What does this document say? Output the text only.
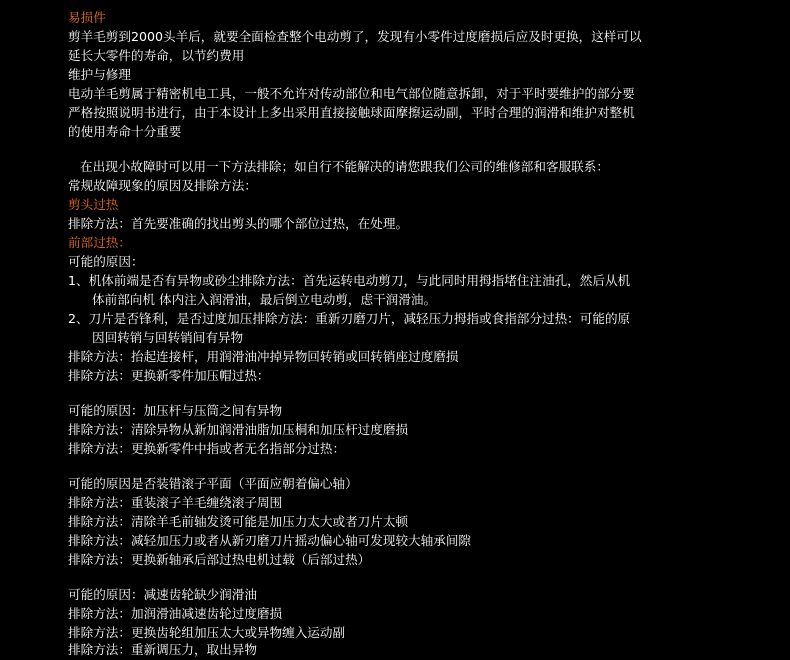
易损件
剪羊毛剪到2000头羊后，就要全面检查整个电动剪了，发现有小零件过度磨损后应及时更换，这样可以
延长大零件的寿命，以节约费用
维护与修理
电动羊毛剪属于精密机电工具，一般不允许对传动部位和电气部位随意拆卸，对于平时要维护的部分要
严格按照说明书进行，由于本设计上多出采用直接接触球面摩擦运动副，平时合理的润滑和维护对整机
的使用寿命十分重要
在出现小故障时可以用一下方法排除；如自行不能解决的请您跟我们公司的维修部和客服联系：
常规故障现象的原因及排除方法：
剪头过热
排除方法：首先要准确的找出剪头的哪个部位过热，在处理。
前部过热：
可能的原因：
1、机体前端是否有异物或砂尘排除方法：首先运转电动剪刀，与此同时用拇指堵住注油孔，然后从机
体前部向机 体内注入润滑油，最后倒立电动剪，虑干润滑油。
2、刀片是否锋利，是否过度加压排除方法：重新刃磨刀片，减轻压力拇指或食指部分过热：可能的原
因回转销与回转销间有异物
排除方法：抬起连接杆，用润滑油冲掉异物回转销或回转销座过度磨损
排除方法：更换新零件加压帽过热：
可能的原因：加压杆与压筒之间有异物
排除方法：清除异物从新加润滑油脂加压桐和加压杆过度磨损
排除方法：更换新零件中指或者无名指部分过热：
可能的原因是否装错滚子平面（平面应朝着偏心轴）
排除方法：重装滚子羊毛缠绕滚子周围
排除方法：清除羊毛前轴发烫可能是加压力太大或者刀片太顿
排除方法：减轻加压力或者从新刃磨刀片摇动偏心轴可发现较大轴承间隙
排除方法：更换新轴承后部过热电机过载（后部过热）
可能的原因：减速齿轮缺少润滑油
排除方法：加润滑油减速齿轮过度磨损
排除方法：更换齿轮组加压太大或异物缠入运动副
排除方法：重新调压力，取出异物
